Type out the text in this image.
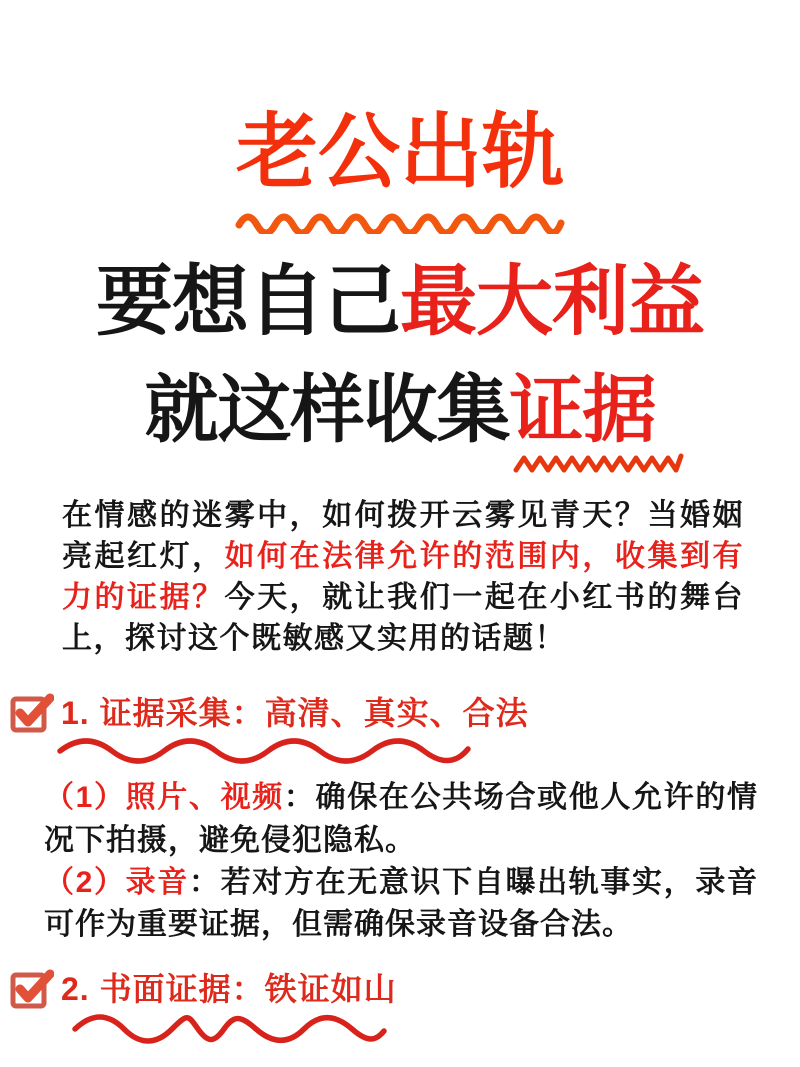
老公出轨
要想自己最大利益
就这样收集证据

在情感的迷雾中，如何拨开云雾见青天？当婚姻亮起红灯，如何在法律允许的范围内，收集到有力的证据？今天，就让我们一起在小红书的舞台上，探讨这个既敏感又实用的话题！

1. 证据采集：高清、真实、合法

（1）照片、视频：确保在公共场合或他人允许的情况下拍摄，避免侵犯隐私。

（2）录音：若对方在无意识下自曝出轨事实，录音可作为重要证据，但需确保录音设备合法。

2. 书面证据：铁证如山
